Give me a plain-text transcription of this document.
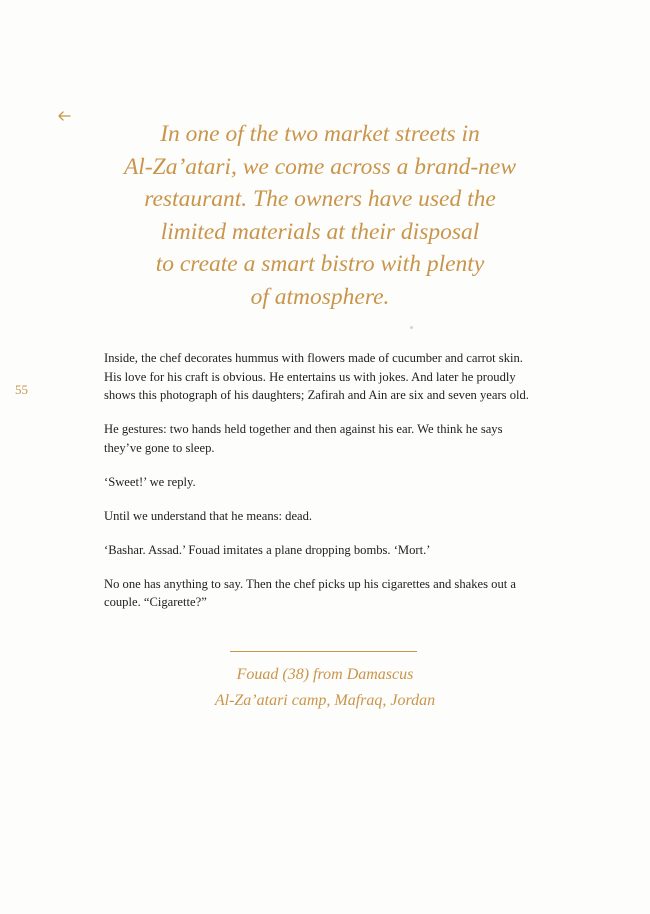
In one of the two market streets in
Al-Za’atari, we come across a brand-new
restaurant. The owners have used the
limited materials at their disposal
to create a smart bistro with plenty
of atmosphere.
55

Inside, the chef decorates hummus with flowers made of cucumber and carrot skin. His love for his craft is obvious. He entertains us with jokes. And later he proudly shows this photograph of his daughters; Zafirah and Ain are six and seven years old.

He gestures: two hands held together and then against his ear. We think he says they’ve gone to sleep.

‘Sweet!’ we reply.

Until we understand that he means: dead.

‘Bashar. Assad.’ Fouad imitates a plane dropping bombs. ‘Mort.’

No one has anything to say. Then the chef picks up his cigarettes and shakes out a couple. “Cigarette?”

Fouad (38) from Damascus
Al-Za’atari camp, Mafraq, Jordan
